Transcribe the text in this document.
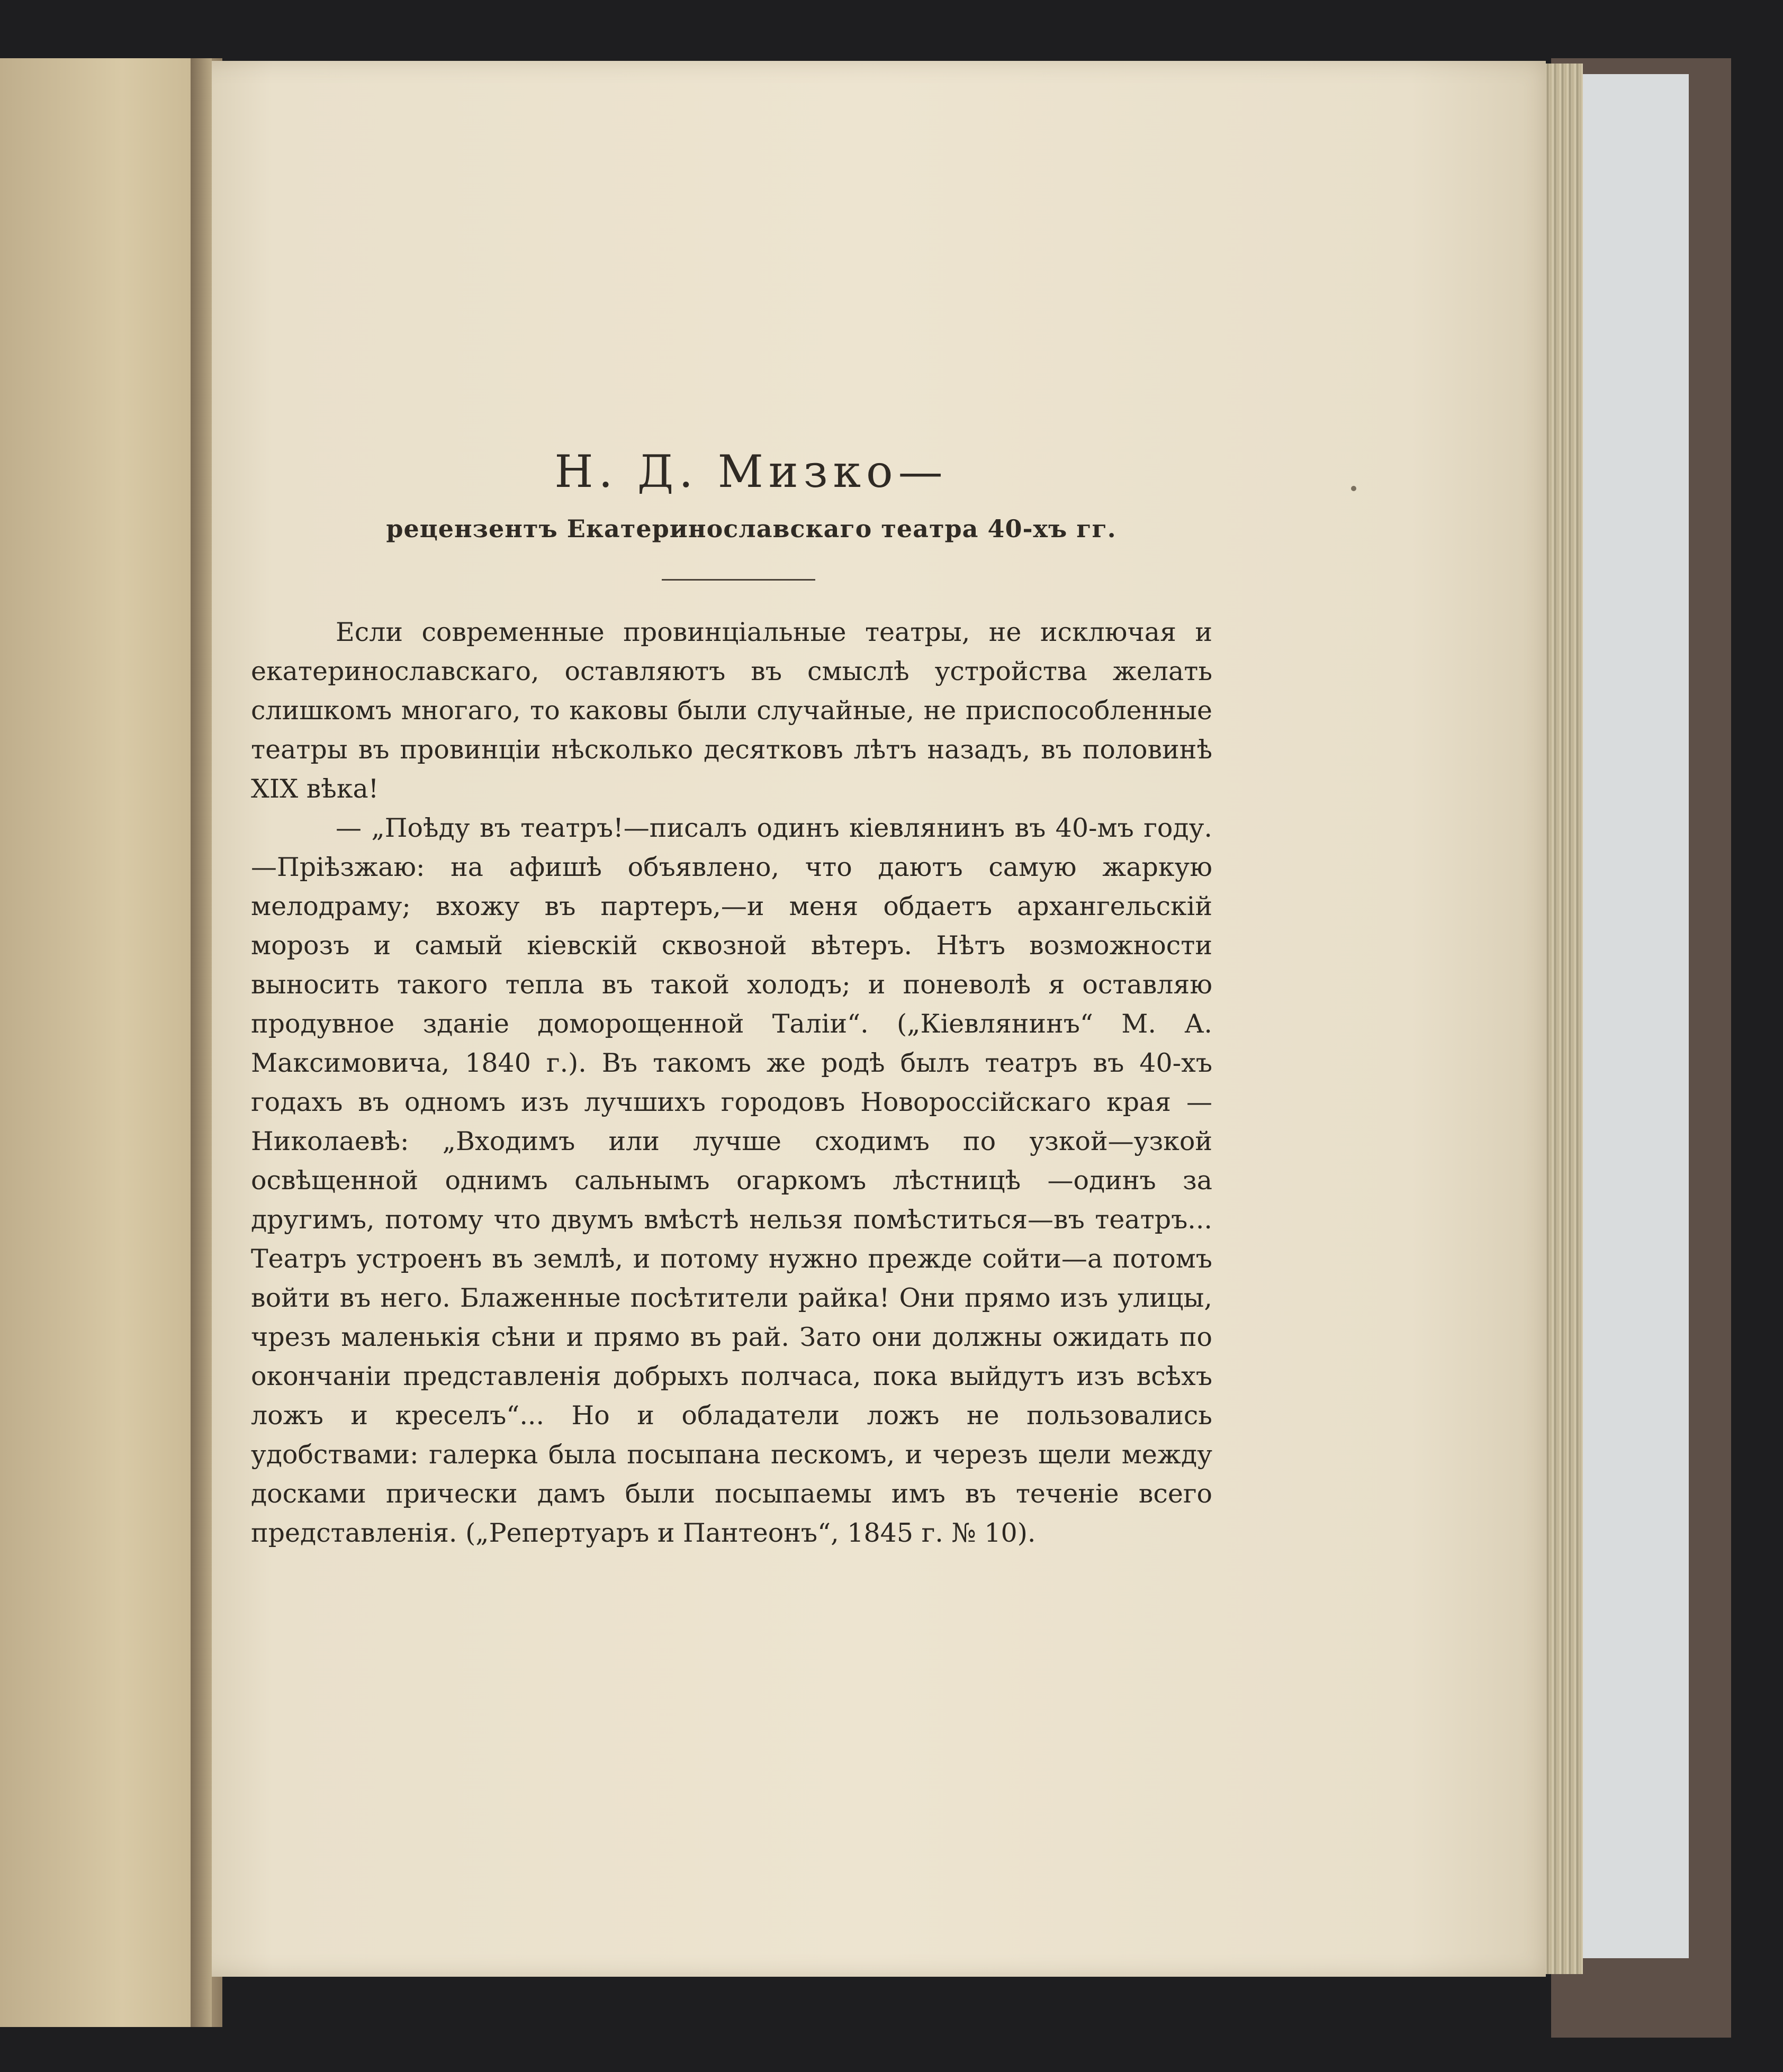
Н. Д. Мизко—
рецензентъ Екатеринославскаго театра 40-хъ гг.

Если современные провинціальные театры, не исключая и екатеринославскаго, оставляютъ въ смыслѣ устройства желать слишкомъ многаго, то каковы были случайные, не приспособленные театры въ провинціи нѣсколько десятковъ лѣтъ назадъ, въ половинѣ XIX вѣка!

— „Поѣду въ театръ!—писалъ одинъ кіевлянинъ въ 40-мъ году.—Пріѣзжаю: на афишѣ объявлено, что даютъ самую жаркую мелодраму; вхожу въ партеръ,—и меня обдаетъ архангельскій морозъ и самый кіевскій сквозной вѣтеръ. Нѣтъ возможности выносить такого тепла въ такой холодъ; и поневолѣ я оставляю продувное зданіе доморощенной Таліи“. („Кіевлянинъ“ М. А. Максимовича, 1840 г.). Въ такомъ же родѣ былъ театръ въ 40-хъ годахъ въ одномъ изъ лучшихъ городовъ Новороссійскаго края —Николаевѣ: „Входимъ или лучше сходимъ по узкой—узкой освѣщенной однимъ сальнымъ огаркомъ лѣстницѣ —одинъ за другимъ, потому что двумъ вмѣстѣ нельзя помѣститься—въ театръ... Театръ устроенъ въ землѣ, и потому нужно прежде сойти—а потомъ войти въ него. Блаженные посѣтители райка! Они прямо изъ улицы, чрезъ маленькія сѣни и прямо въ рай. Зато они должны ожидать по окончаніи представленія добрыхъ полчаса, пока выйдутъ изъ всѣхъ ложъ и креселъ“... Но и обладатели ложъ не пользовались удобствами: галерка была посыпана пескомъ, и черезъ щели между досками прически дамъ были посыпаемы имъ въ теченіе всего представленія. („Репертуаръ и Пантеонъ“, 1845 г. № 10).
